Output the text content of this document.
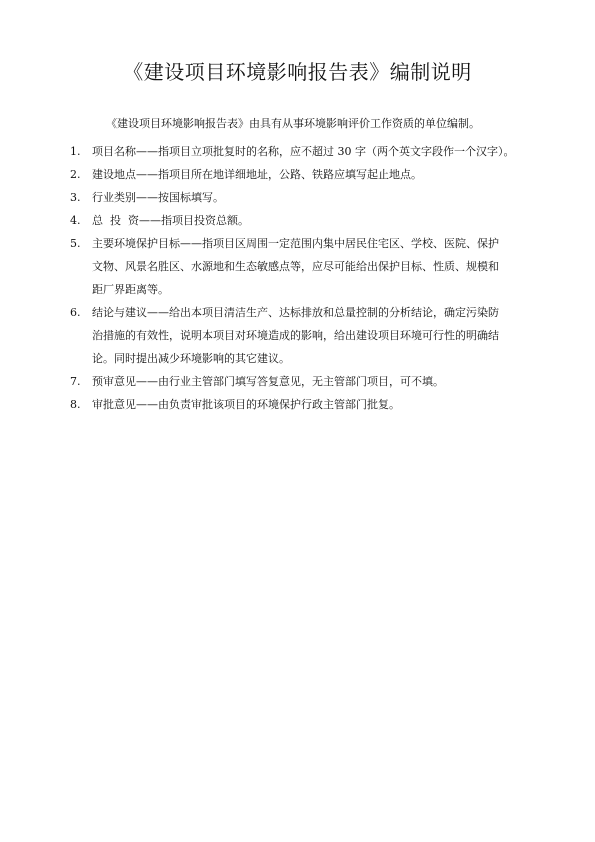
《建设项目环境影响报告表》编制说明
《建设项目环境影响报告表》由具有从事环境影响评价工作资质的单位编制。
1.	项目名称——指项目立项批复时的名称，应不超过 30 字（两个英文字段作一个汉字）。
2.	建设地点——指项目所在地详细地址，公路、铁路应填写起止地点。
3.	行业类别——按国标填写。
4.	总  投  资——指项目投资总额。
5.	主要环境保护目标——指项目区周围一定范围内集中居民住宅区、学校、医院、保护
文物、风景名胜区、水源地和生态敏感点等，应尽可能给出保护目标、性质、规模和
距厂界距离等。
6.	结论与建议——给出本项目清洁生产、达标排放和总量控制的分析结论，确定污染防
治措施的有效性，说明本项目对环境造成的影响，给出建设项目环境可行性的明确结
论。同时提出减少环境影响的其它建议。
7.	预审意见——由行业主管部门填写答复意见，无主管部门项目，可不填。
8.	审批意见——由负责审批该项目的环境保护行政主管部门批复。
